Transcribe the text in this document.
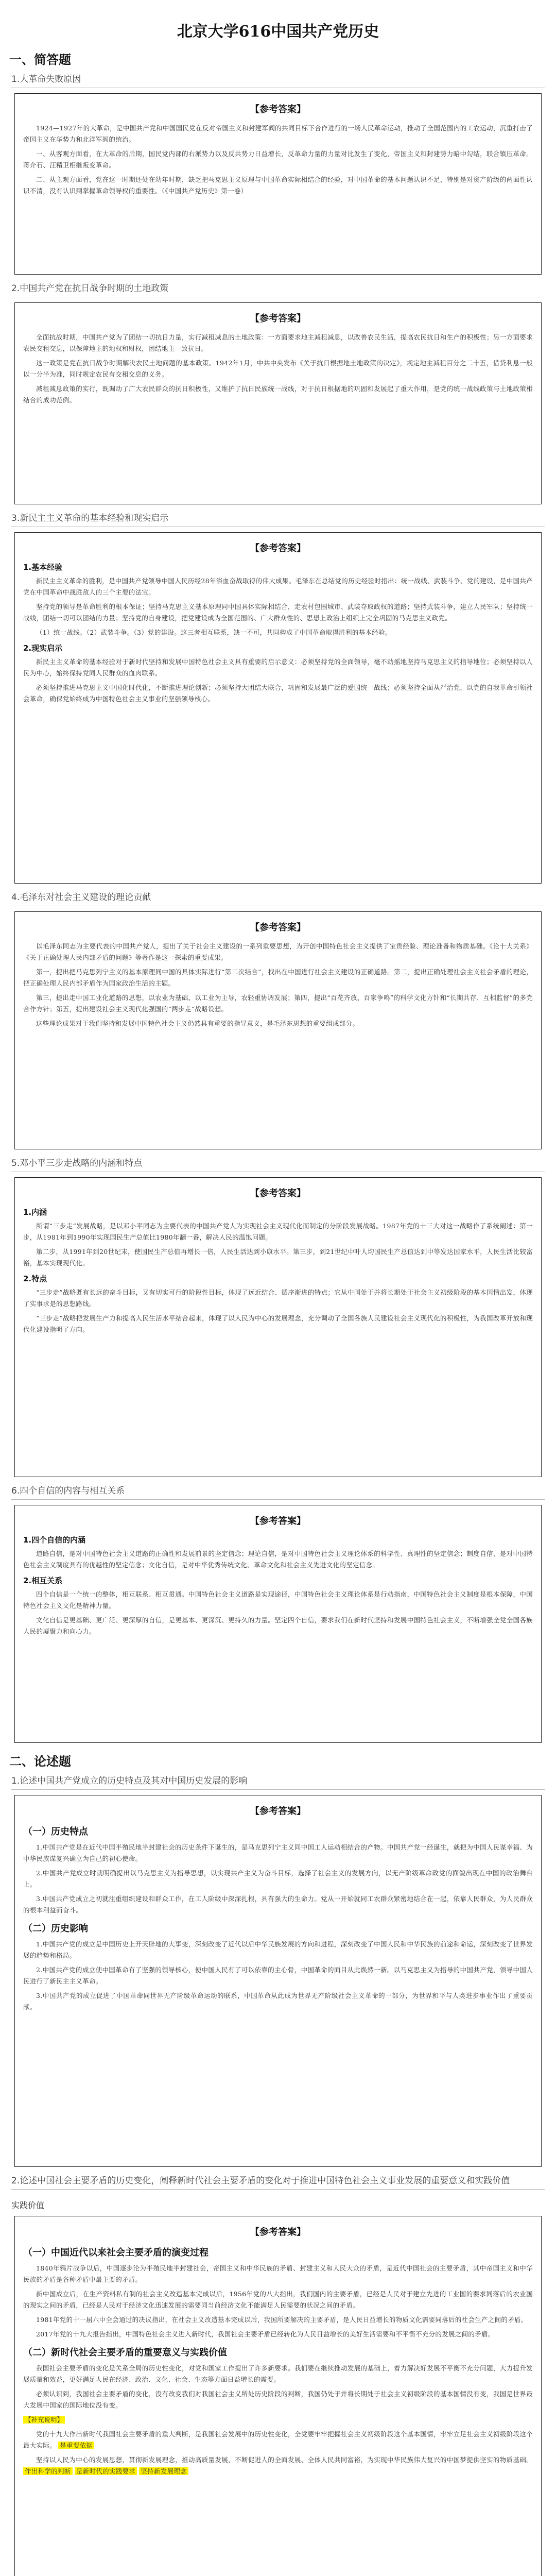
北京大学616中国共产党历史
一、简答题
1.大革命失败原因
【参考答案】

1924—1927年的大革命，是中国共产党和中国国民党在反对帝国主义和封建军阀的共同目标下合作进行的一场人民革命运动，推动了全国范围内的工农运动，沉重打击了帝国主义在华势力和北洋军阀的统治。

一、从客观方面看，在大革命的后期，国民党内部的右派势力以及反共势力日益增长，反革命力量的力量对比发生了变化，帝国主义和封建势力暗中勾结，联合镇压革命。蒋介石、汪精卫相继叛变革命。

二、从主观方面看，党在这一时期还处在幼年时期，缺乏把马克思主义原理与中国革命实际相结合的经验，对中国革命的基本问题认识不足，特别是对资产阶级的两面性认识不清，没有认识到掌握革命领导权的重要性。（《中国共产党历史》第一卷）

2.中国共产党在抗日战争时期的土地政策
【参考答案】

全面抗战时期，中国共产党为了团结一切抗日力量，实行减租减息的土地政策：一方面要求地主减租减息，以改善农民生活，提高农民抗日和生产的积极性；另一方面要求农民交租交息，以保障地主的地权和财权，团结地主一致抗日。

这一政策是党在抗日战争时期解决农民土地问题的基本政策。1942年1月，中共中央发布《关于抗日根据地土地政策的决定》，规定地主减租百分之二十五，借贷利息一般以一分半为准，同时规定农民有交租交息的义务。

减租减息政策的实行，既调动了广大农民群众的抗日积极性，又维护了抗日民族统一战线，对于抗日根据地的巩固和发展起了重大作用，是党的统一战线政策与土地政策相结合的成功范例。

3.新民主主义革命的基本经验和现实启示
【参考答案】
1.基本经验

新民主主义革命的胜利，是中国共产党领导中国人民历经28年浴血奋战取得的伟大成果。毛泽东在总结党的历史经验时指出：统一战线、武装斗争、党的建设，是中国共产党在中国革命中战胜敌人的三个主要的法宝。

坚持党的领导是革命胜利的根本保证；坚持马克思主义基本原理同中国具体实际相结合，走农村包围城市、武装夺取政权的道路；坚持武装斗争，建立人民军队；坚持统一战线，团结一切可以团结的力量；坚持党的自身建设，把党建设成为全国范围的、广大群众性的、思想上政治上组织上完全巩固的马克思主义政党。

（1）统一战线。（2）武装斗争。（3）党的建设。这三者相互联系，缺一不可，共同构成了中国革命取得胜利的基本经验。

2.现实启示

新民主主义革命的基本经验对于新时代坚持和发展中国特色社会主义具有重要的启示意义：必须坚持党的全面领导，毫不动摇地坚持马克思主义的指导地位；必须坚持以人民为中心，始终保持党同人民群众的血肉联系。

必须坚持推进马克思主义中国化时代化，不断推进理论创新；必须坚持大团结大联合，巩固和发展最广泛的爱国统一战线；必须坚持全面从严治党，以党的自我革命引领社会革命，确保党始终成为中国特色社会主义事业的坚强领导核心。

4.毛泽东对社会主义建设的理论贡献
【参考答案】

以毛泽东同志为主要代表的中国共产党人，提出了关于社会主义建设的一系列重要思想，为开创中国特色社会主义提供了宝贵经验、理论准备和物质基础。《论十大关系》《关于正确处理人民内部矛盾的问题》等著作是这一探索的重要成果。

第一，提出把马克思列宁主义的基本原理同中国的具体实际进行“第二次结合”，找出在中国进行社会主义建设的正确道路。第二，提出正确处理社会主义社会矛盾的理论，把正确处理人民内部矛盾作为国家政治生活的主题。

第三，提出走中国工业化道路的思想，以农业为基础、以工业为主导，农轻重协调发展；第四，提出“百花齐放、百家争鸣”的科学文化方针和“长期共存、互相监督”的多党合作方针；第五，提出建设社会主义现代化强国的“两步走”战略设想。

这些理论成果对于我们坚持和发展中国特色社会主义仍然具有重要的指导意义，是毛泽东思想的重要组成部分。

5.邓小平三步走战略的内涵和特点
【参考答案】
1.内涵

所谓“三步走”发展战略，是以邓小平同志为主要代表的中国共产党人为实现社会主义现代化而制定的分阶段发展战略。1987年党的十三大对这一战略作了系统阐述：第一步，从1981年到1990年实现国民生产总值比1980年翻一番，解决人民的温饱问题。

第二步，从1991年到20世纪末，使国民生产总值再增长一倍，人民生活达到小康水平。第三步，到21世纪中叶人均国民生产总值达到中等发达国家水平，人民生活比较富裕，基本实现现代化。

2.特点

“三步走”战略既有长远的奋斗目标，又有切实可行的阶段性目标，体现了远近结合、循序渐进的特点；它从中国处于并将长期处于社会主义初级阶段的基本国情出发，体现了实事求是的思想路线。

“三步走”战略把发展生产力和提高人民生活水平结合起来，体现了以人民为中心的发展理念，充分调动了全国各族人民建设社会主义现代化的积极性，为我国改革开放和现代化建设指明了方向。

6.四个自信的内容与相互关系
【参考答案】
1.四个自信的内涵

道路自信，是对中国特色社会主义道路的正确性和发展前景的坚定信念；理论自信，是对中国特色社会主义理论体系的科学性、真理性的坚定信念；制度自信，是对中国特色社会主义制度具有的优越性的坚定信念；文化自信，是对中华优秀传统文化、革命文化和社会主义先进文化的坚定信念。

2.相互关系

四个自信是一个统一的整体，相互联系、相互贯通。中国特色社会主义道路是实现途径，中国特色社会主义理论体系是行动指南，中国特色社会主义制度是根本保障，中国特色社会主义文化是精神力量。

文化自信是更基础、更广泛、更深厚的自信，是更基本、更深沉、更持久的力量。坚定四个自信，要求我们在新时代坚持和发展中国特色社会主义，不断增强全党全国各族人民的凝聚力和向心力。

二、论述题
1.论述中国共产党成立的历史特点及其对中国历史发展的影响
【参考答案】
（一）历史特点

1.中国共产党是在近代中国半殖民地半封建社会的历史条件下诞生的，是马克思列宁主义同中国工人运动相结合的产物。中国共产党一经诞生，就把为中国人民谋幸福、为中华民族谋复兴确立为自己的初心使命。

2.中国共产党成立时就明确提出以马克思主义为指导思想，以实现共产主义为奋斗目标，选择了社会主义的发展方向，以无产阶级革命政党的面貌出现在中国的政治舞台上。

3.中国共产党成立之初就注重组织建设和群众工作，在工人阶级中深深扎根，具有强大的生命力。党从一开始就同工农群众紧密地结合在一起，依靠人民群众，为人民群众的根本利益而奋斗。

（二）历史影响

1.中国共产党的成立是中国历史上开天辟地的大事变，深刻改变了近代以后中华民族发展的方向和进程，深刻改变了中国人民和中华民族的前途和命运，深刻改变了世界发展的趋势和格局。

2.中国共产党的成立使中国革命有了坚强的领导核心，使中国人民有了可以依靠的主心骨，中国革命的面目从此焕然一新。以马克思主义为指导的中国共产党，领导中国人民进行了新民主主义革命。

3.中国共产党的成立促进了中国革命同世界无产阶级革命运动的联系，中国革命从此成为世界无产阶级社会主义革命的一部分，为世界和平与人类进步事业作出了重要贡献。

2.论述中国社会主要矛盾的历史变化，阐释新时代社会主要矛盾的变化对于推进中国特色社会主义事业发展的重要意义和实践价值
实践价值
【参考答案】
（一）中国近代以来社会主要矛盾的演变过程

1840年鸦片战争以后，中国逐步沦为半殖民地半封建社会，帝国主义和中华民族的矛盾、封建主义和人民大众的矛盾，是近代中国社会的主要矛盾，其中帝国主义和中华民族的矛盾是各种矛盾中最主要的矛盾。

新中国成立后，在生产资料私有制的社会主义改造基本完成以后，1956年党的八大指出，我们国内的主要矛盾，已经是人民对于建立先进的工业国的要求同落后的农业国的现实之间的矛盾，已经是人民对于经济文化迅速发展的需要同当前经济文化不能满足人民需要的状况之间的矛盾。

1981年党的十一届六中全会通过的决议指出，在社会主义改造基本完成以后，我国所要解决的主要矛盾，是人民日益增长的物质文化需要同落后的社会生产之间的矛盾。

2017年党的十九大报告指出，中国特色社会主义进入新时代，我国社会主要矛盾已经转化为人民日益增长的美好生活需要和不平衡不充分的发展之间的矛盾。

（二）新时代社会主要矛盾的重要意义与实践价值

我国社会主要矛盾的变化是关系全局的历史性变化，对党和国家工作提出了许多新要求。我们要在继续推动发展的基础上，着力解决好发展不平衡不充分问题，大力提升发展质量和效益，更好满足人民在经济、政治、文化、社会、生态等方面日益增长的需要。

必须认识到，我国社会主要矛盾的变化，没有改变我们对我国社会主义所处历史阶段的判断，我国仍处于并将长期处于社会主义初级阶段的基本国情没有变，我国是世界最大发展中国家的国际地位没有变。

【补充说明】

党的十九大作出新时代我国社会主要矛盾的重大判断，是我国社会发展中的历史性变化，全党要牢牢把握社会主义初级阶段这个基本国情，牢牢立足社会主义初级阶段这个最大实际。 是重要依据

坚持以人民为中心的发展思想，贯彻新发展理念，推动高质量发展，不断促进人的全面发展、全体人民共同富裕，为实现中华民族伟大复兴的中国梦提供坚实的物质基础。 作出科学的判断 是新时代的实践要求 坚持新发展理念
